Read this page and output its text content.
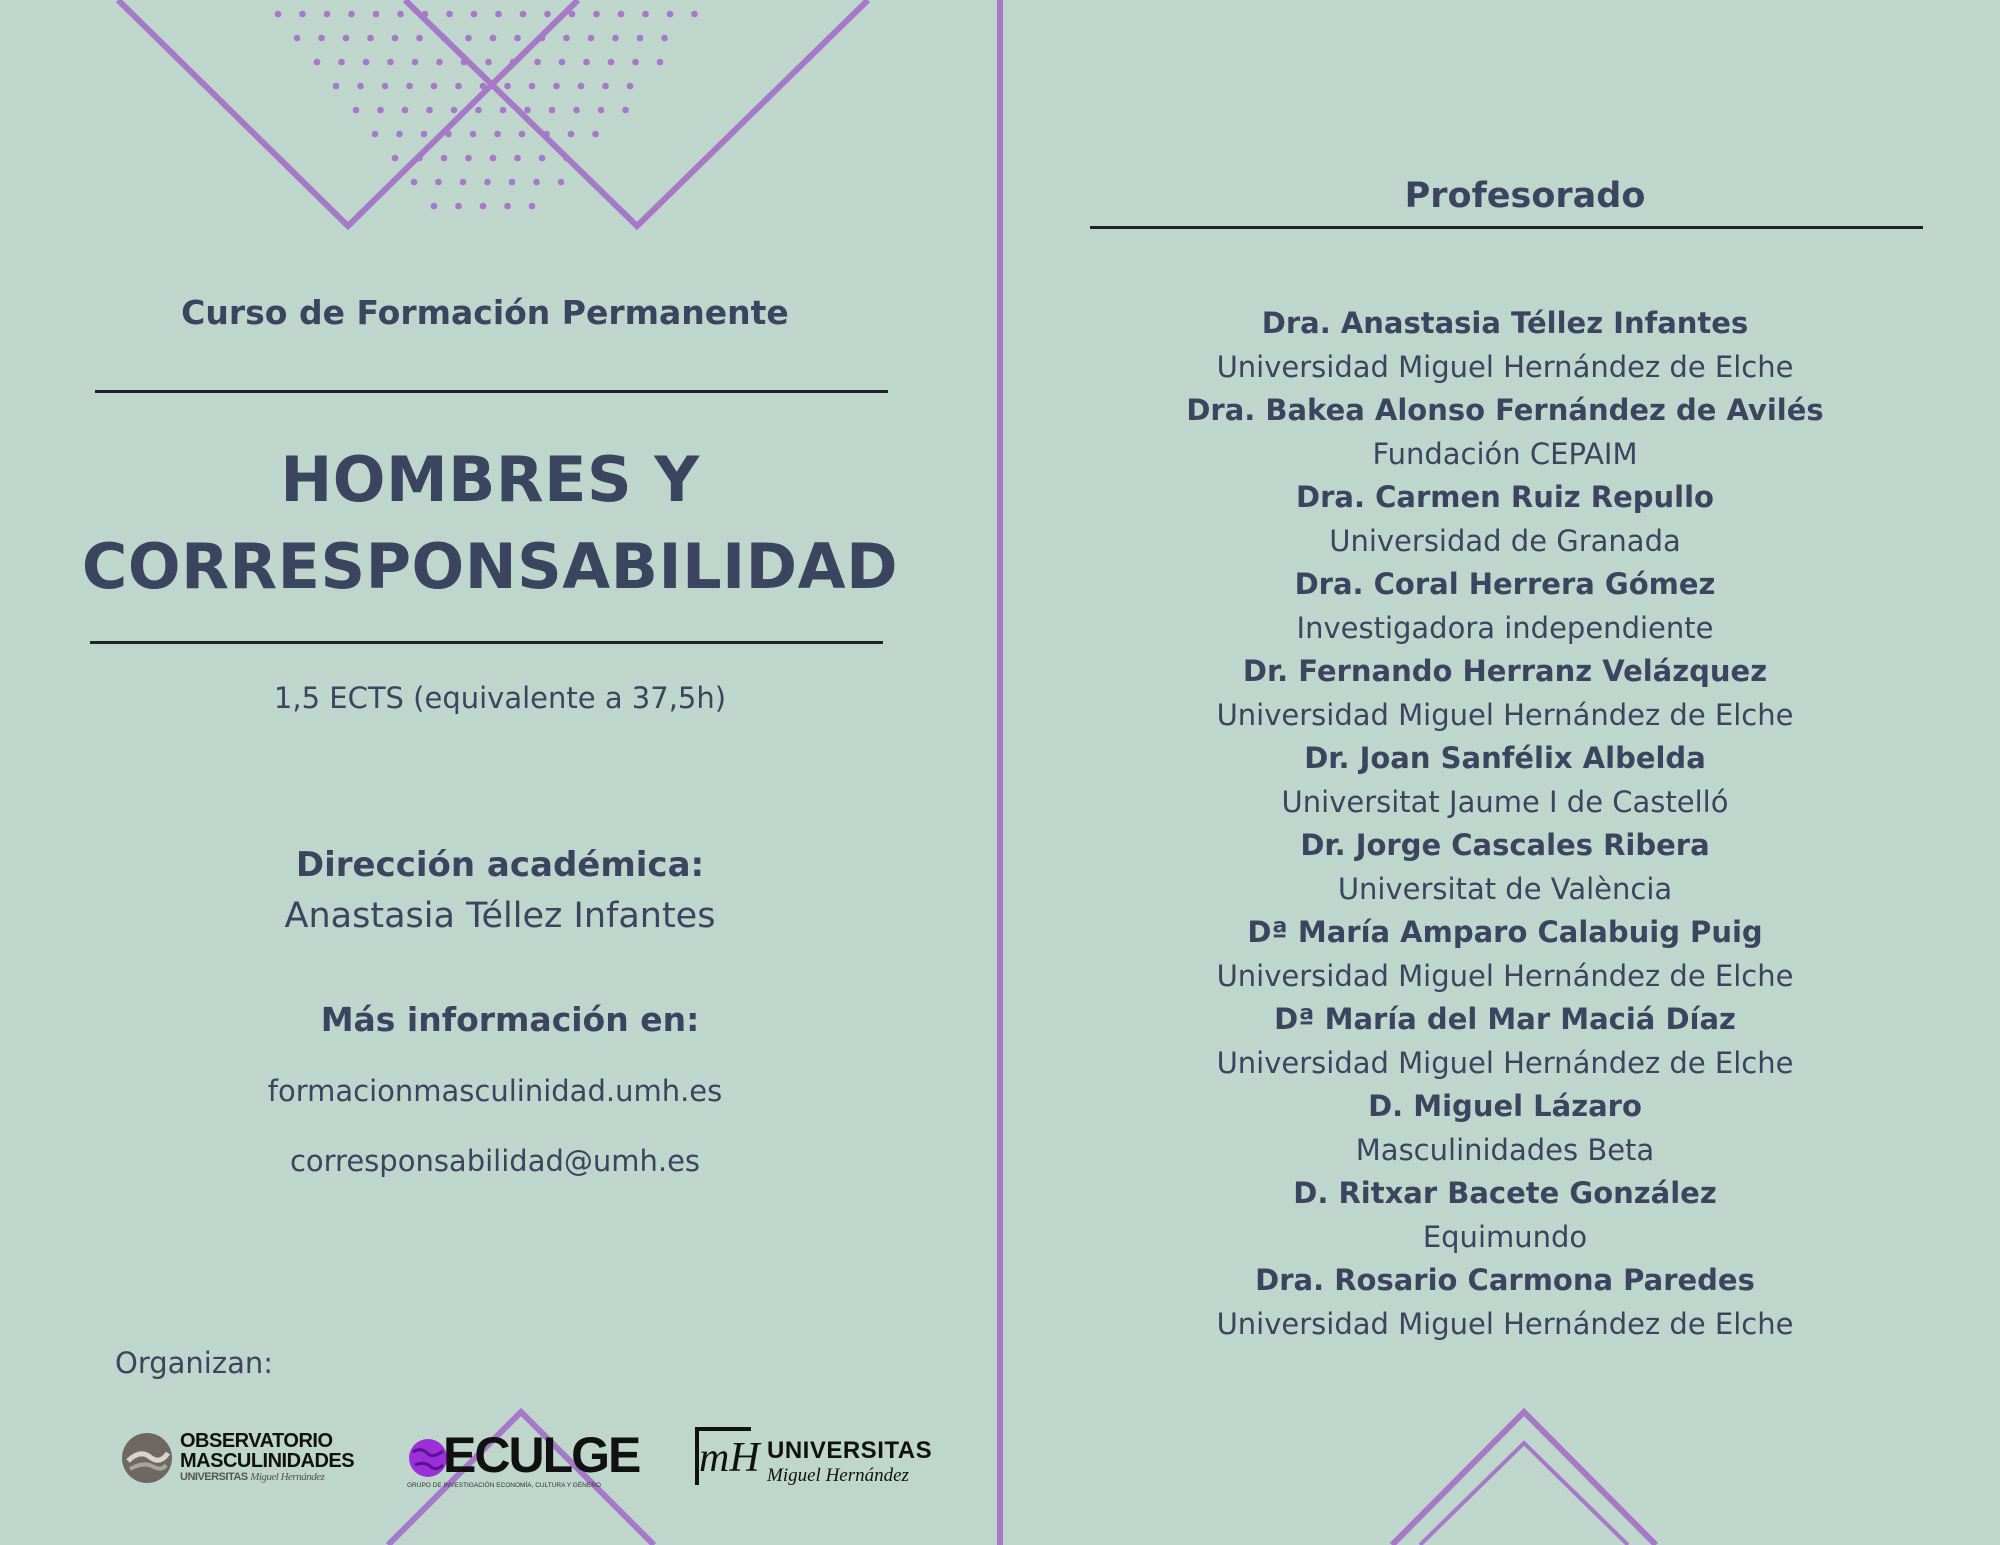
Curso de Formación Permanente
HOMBRES Y
CORRESPONSABILIDAD
1,5 ECTS (equivalente a 37,5h)
Dirección académica:
Anastasia Téllez Infantes
Más información en:
formacionmasculinidad.umh.es
corresponsabilidad@umh.es
Organizan:
OBSERVATORIO
MASCULINIDADES
UNIVERSITAS Miguel Hernández	ECULGE
GRUPO DE INVESTIGACIÓN ECONOMÍA, CULTURA Y GÉNERO
mH UNIVERSITAS
Miguel Hernández
Profesorado
Dra. Anastasia Téllez Infantes
Universidad Miguel Hernández de Elche
Dra. Bakea Alonso Fernández de Avilés
Fundación CEPAIM
Dra. Carmen Ruiz Repullo
Universidad de Granada
Dra. Coral Herrera Gómez
Investigadora independiente
Dr. Fernando Herranz Velázquez
Universidad Miguel Hernández de Elche
Dr. Joan Sanfélix Albelda
Universitat Jaume I de Castelló
Dr. Jorge Cascales Ribera
Universitat de València
Dª María Amparo Calabuig Puig
Universidad Miguel Hernández de Elche
Dª María del Mar Maciá Díaz
Universidad Miguel Hernández de Elche
D. Miguel Lázaro
Masculinidades Beta
D. Ritxar Bacete González
Equimundo
Dra. Rosario Carmona Paredes
Universidad Miguel Hernández de Elche
